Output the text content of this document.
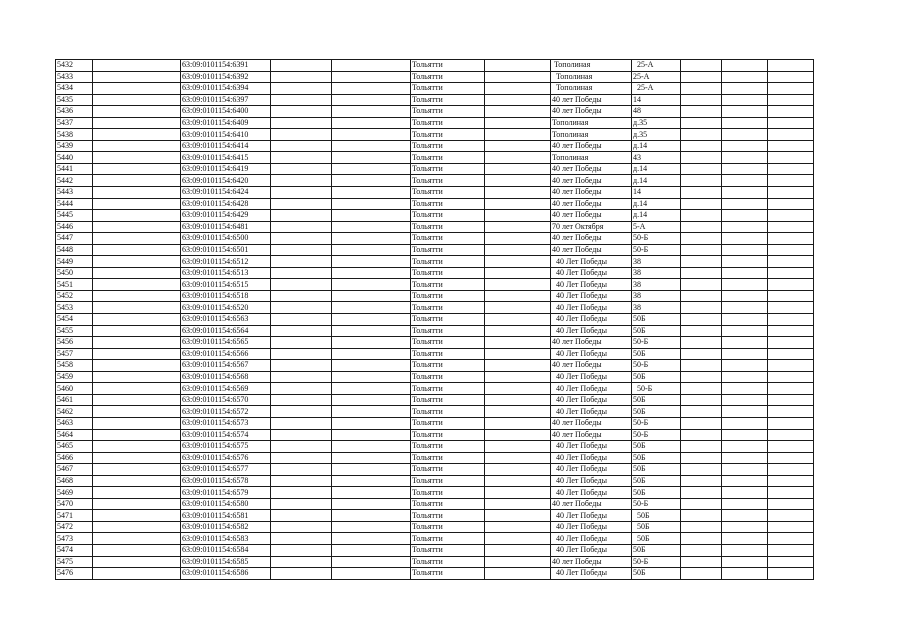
5432		63:09:0101154:6391			Тольятти		Тополиная	25-А			
5433		63:09:0101154:6392			Тольятти		Тополиная	25-А			
5434		63:09:0101154:6394			Тольятти		Тополиная	25-А			
5435		63:09:0101154:6397			Тольятти		40 лет Победы	14			
5436		63:09:0101154:6400			Тольятти		40 лет Победы	48			
5437		63:09:0101154:6409			Тольятти		Тополиная	д.35			
5438		63:09:0101154:6410			Тольятти		Тополиная	д.35			
5439		63:09:0101154:6414			Тольятти		40 лет Победы	д.14			
5440		63:09:0101154:6415			Тольятти		Тополиная	43			
5441		63:09:0101154:6419			Тольятти		40 лет Победы	д.14			
5442		63:09:0101154:6420			Тольятти		40 лет Победы	д.14			
5443		63:09:0101154:6424			Тольятти		40 лет Победы	14			
5444		63:09:0101154:6428			Тольятти		40 лет Победы	д.14			
5445		63:09:0101154:6429			Тольятти		40 лет Победы	д.14			
5446		63:09:0101154:6481			Тольятти		70 лет Октября	5-А			
5447		63:09:0101154:6500			Тольятти		40 лет Победы	50-Б			
5448		63:09:0101154:6501			Тольятти		40 лет Победы	50-Б			
5449		63:09:0101154:6512			Тольятти		40 Лет Победы	38			
5450		63:09:0101154:6513			Тольятти		40 Лет Победы	38			
5451		63:09:0101154:6515			Тольятти		40 Лет Победы	38			
5452		63:09:0101154:6518			Тольятти		40 Лет Победы	38			
5453		63:09:0101154:6520			Тольятти		40 Лет Победы	38			
5454		63:09:0101154:6563			Тольятти		40 Лет Победы	50Б			
5455		63:09:0101154:6564			Тольятти		40 Лет Победы	50Б			
5456		63:09:0101154:6565			Тольятти		40 лет Победы	50-Б			
5457		63:09:0101154:6566			Тольятти		40 Лет Победы	50Б			
5458		63:09:0101154:6567			Тольятти		40 лет Победы	50-Б			
5459		63:09:0101154:6568			Тольятти		40 Лет Победы	50Б			
5460		63:09:0101154:6569			Тольятти		40 Лет Победы	50-Б			
5461		63:09:0101154:6570			Тольятти		40 Лет Победы	50Б			
5462		63:09:0101154:6572			Тольятти		40 Лет Победы	50Б			
5463		63:09:0101154:6573			Тольятти		40 лет Победы	50-Б			
5464		63:09:0101154:6574			Тольятти		40 лет Победы	50-Б			
5465		63:09:0101154:6575			Тольятти		40 Лет Победы	50Б			
5466		63:09:0101154:6576			Тольятти		40 Лет Победы	50Б			
5467		63:09:0101154:6577			Тольятти		40 Лет Победы	50Б			
5468		63:09:0101154:6578			Тольятти		40 Лет Победы	50Б			
5469		63:09:0101154:6579			Тольятти		40 Лет Победы	50Б			
5470		63:09:0101154:6580			Тольятти		40 лет Победы	50-Б			
5471		63:09:0101154:6581			Тольятти		40 Лет Победы	50Б			
5472		63:09:0101154:6582			Тольятти		40 Лет Победы	50Б			
5473		63:09:0101154:6583			Тольятти		40 Лет Победы	50Б			
5474		63:09:0101154:6584			Тольятти		40 Лет Победы	50Б			
5475		63:09:0101154:6585			Тольятти		40 лет Победы	50-Б			
5476		63:09:0101154:6586			Тольятти		40 Лет Победы	50Б			
